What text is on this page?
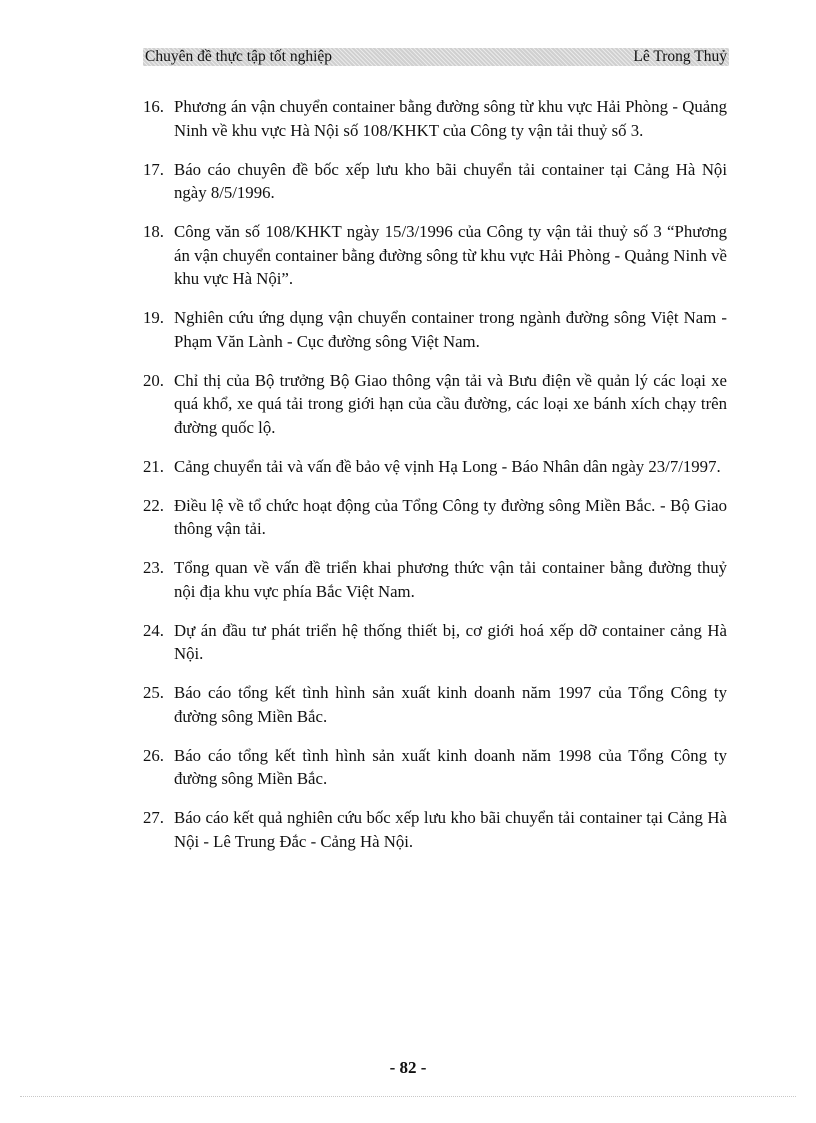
Chuyên đề thực tập tốt nghiệp	Lê Trong Thuỷ
16. Phương án vận chuyển container bằng đường sông từ khu vực Hải Phòng - Quảng Ninh về khu vực Hà Nội số 108/KHKT của Công ty vận tải thuỷ số 3.
17. Báo cáo chuyên đề bốc xếp lưu kho bãi chuyển tải container tại Cảng Hà Nội ngày 8/5/1996.
18. Công văn số 108/KHKT ngày 15/3/1996 của Công ty vận tải thuỷ số 3 “Phương án vận chuyển container bằng đường sông từ khu vực Hải Phòng - Quảng Ninh về khu vực Hà Nội”.
19. Nghiên cứu ứng dụng vận chuyển container trong ngành đường sông Việt Nam - Phạm Văn Lành - Cục đường sông Việt Nam.
20. Chỉ thị của Bộ trưởng Bộ Giao thông vận tải và Bưu điện về quản lý các loại xe quá khổ, xe quá tải trong giới hạn của cầu đường, các loại xe bánh xích chạy trên đường quốc lộ.
21. Cảng chuyển tải và vấn đề bảo vệ vịnh Hạ Long - Báo Nhân dân ngày 23/7/1997.
22. Điều lệ về tổ chức hoạt động của Tổng Công ty đường sông Miền Bắc. - Bộ Giao thông vận tải.
23. Tổng quan về vấn đề triển khai phương thức vận tải container bằng đường thuỷ nội địa khu vực phía Bắc Việt Nam.
24. Dự án đầu tư phát triển hệ thống thiết bị, cơ giới hoá xếp dỡ container cảng Hà Nội.
25. Báo cáo tổng kết tình hình sản xuất kinh doanh năm 1997 của Tổng Công ty đường sông Miền Bắc.
26. Báo cáo tổng kết tình hình sản xuất kinh doanh năm 1998 của Tổng Công ty đường sông Miền Bắc.
27. Báo cáo kết quả nghiên cứu bốc xếp lưu kho bãi chuyển tải container tại Cảng Hà Nội - Lê Trung Đắc - Cảng Hà Nội.
- 82 -
